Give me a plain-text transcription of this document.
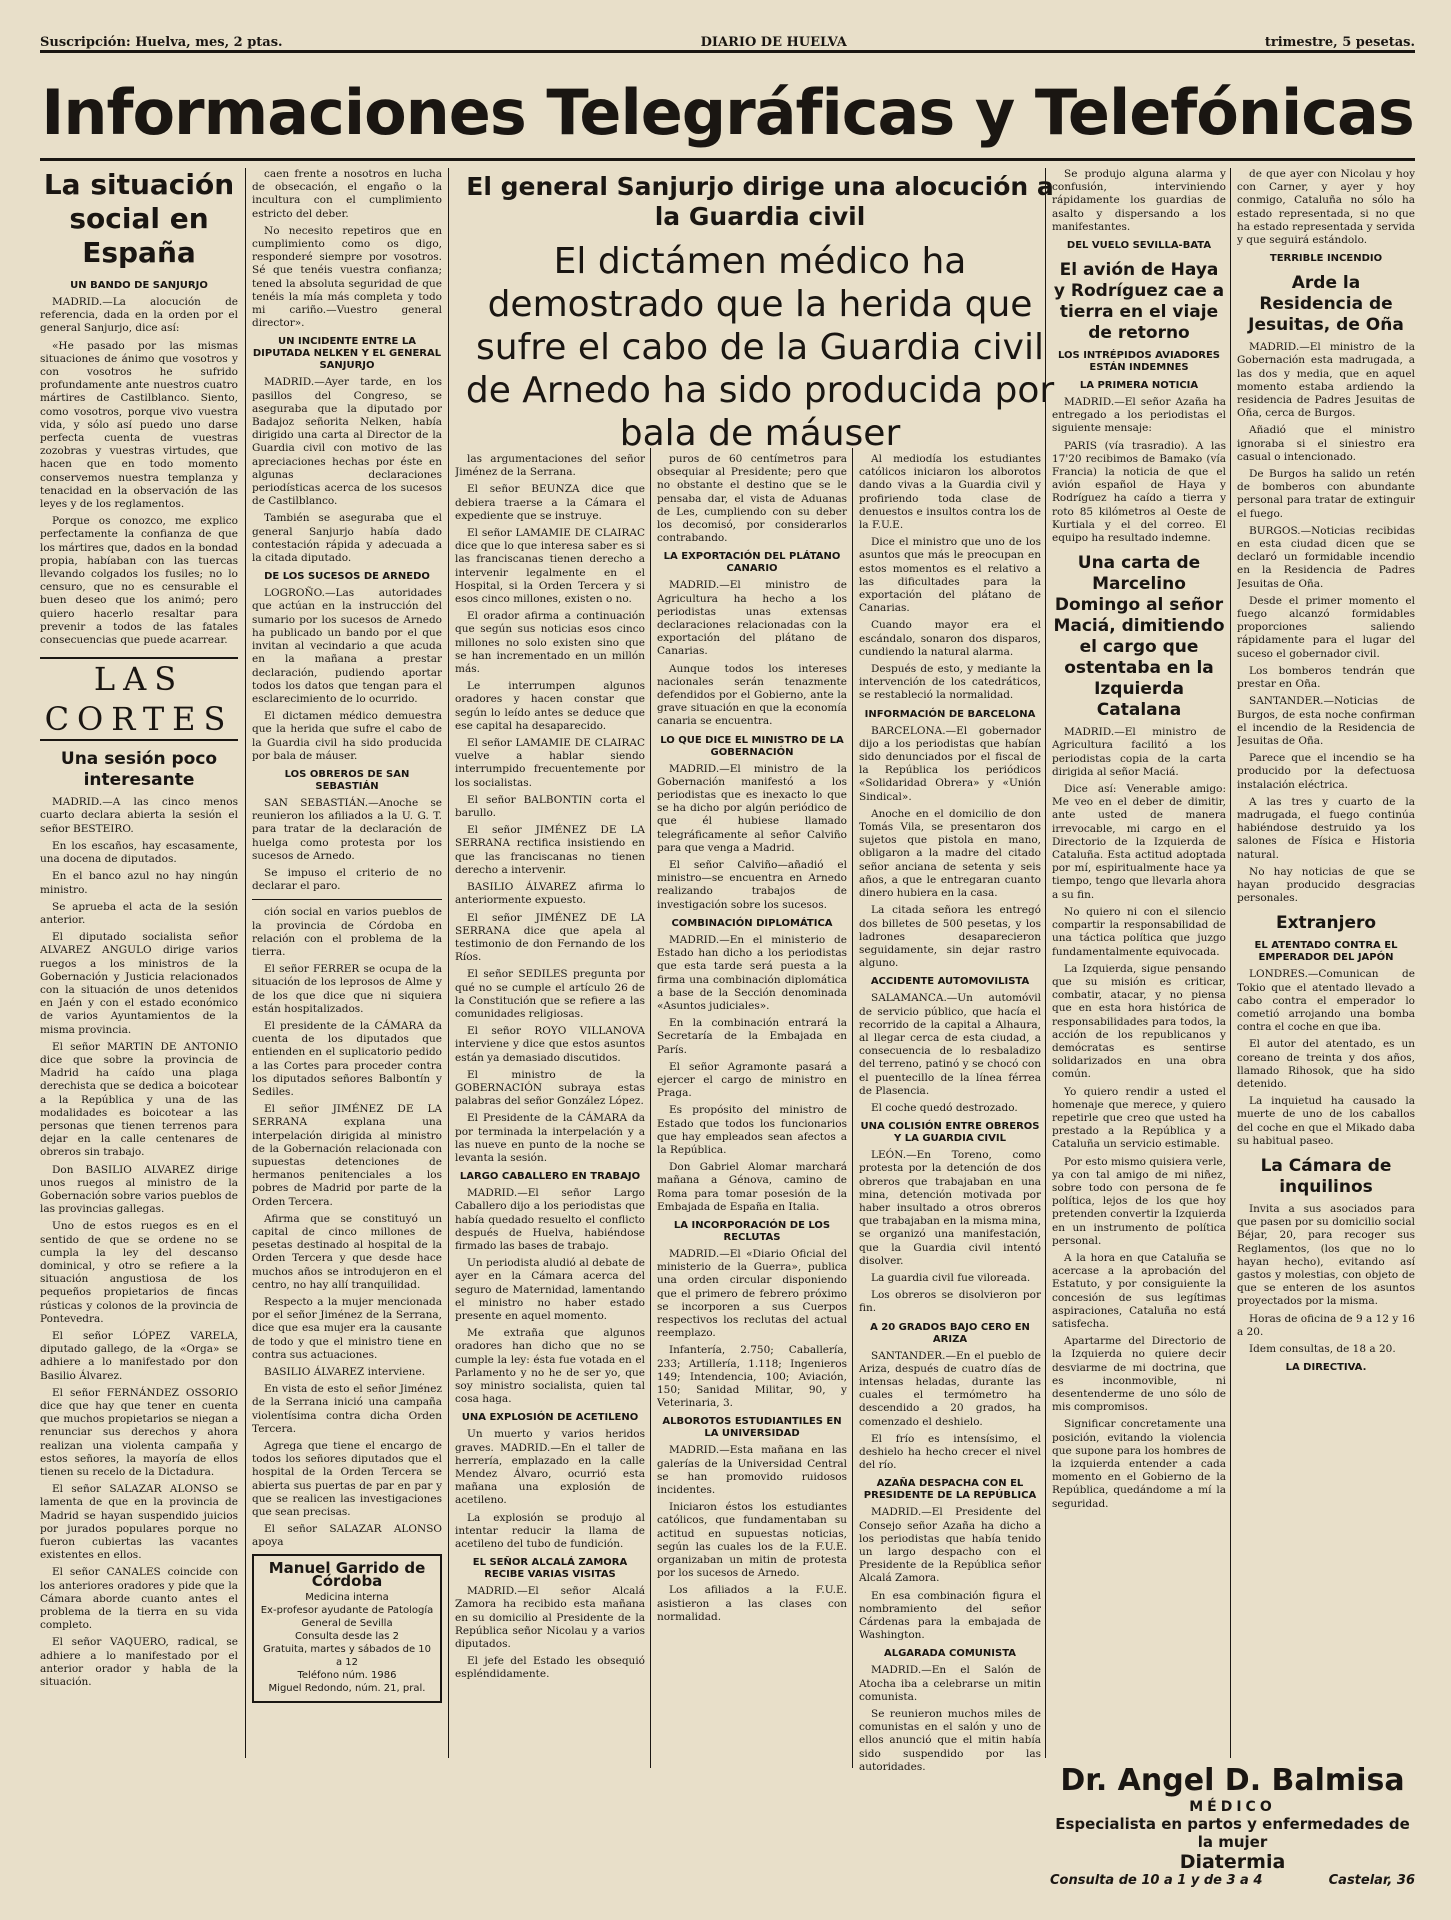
Suscripción: Huelva, mes, 2 ptas.	DIARIO DE HUELVA	trimestre, 5 pesetas.
Informaciones Telegráficas y Telefónicas
La situación social en España
UN BANDO DE SANJURJO

MADRID.—La alocución de referencia, dada en la orden por el general Sanjurjo, dice así:

«He pasado por las mismas situaciones de ánimo que vosotros y con vosotros he sufrido profundamente ante nuestros cuatro mártires de Castilblanco. Siento, como vosotros, porque vivo vuestra vida, y sólo así puedo uno darse perfecta cuenta de vuestras zozobras y vuestras virtudes, que hacen que en todo momento conservemos nuestra templanza y tenacidad en la observación de las leyes y de los reglamentos.

Porque os conozco, me explico perfectamente la confianza de que los mártires que, dados en la bondad propia, habíaban con las tuercas llevando colgados los fusiles; no lo censuro, que no es censurable el buen deseo que los animó; pero quiero hacerlo resaltar para prevenir a todos de las fatales consecuencias que puede acarrear.

LAS CORTES
Una sesión poco interesante

MADRID.—A las cinco menos cuarto declara abierta la sesión el señor BESTEIRO.

En los escaños, hay escasamente, una docena de diputados.

En el banco azul no hay ningún ministro.

Se aprueba el acta de la sesión anterior.

El diputado socialista señor ALVAREZ ANGULO dirige varios ruegos a los ministros de la Gobernación y Justicia relacionados con la situación de unos detenidos en Jaén y con el estado económico de varios Ayuntamientos de la misma provincia.

El señor MARTIN DE ANTONIO dice que sobre la provincia de Madrid ha caído una plaga derechista que se dedica a boicotear a la República y una de las modalidades es boicotear a las personas que tienen terrenos para dejar en la calle centenares de obreros sin trabajo.

Don BASILIO ALVAREZ dirige unos ruegos al ministro de la Gobernación sobre varios pueblos de las provincias gallegas.

Uno de estos ruegos es en el sentido de que se ordene no se cumpla la ley del descanso dominical, y otro se refiere a la situación angustiosa de los pequeños propietarios de fincas rústicas y colonos de la provincia de Pontevedra.

El señor LÓPEZ VARELA, diputado gallego, de la «Orga» se adhiere a lo manifestado por don Basilio Álvarez.

El señor FERNÁNDEZ OSSORIO dice que hay que tener en cuenta que muchos propietarios se niegan a renunciar sus derechos y ahora realizan una violenta campaña y estos señores, la mayoría de ellos tienen su recelo de la Dictadura.

El señor SALAZAR ALONSO se lamenta de que en la provincia de Madrid se hayan suspendido juicios por jurados populares porque no fueron cubiertas las vacantes existentes en ellos.

El señor CANALES coincide con los anteriores oradores y pide que la Cámara aborde cuanto antes el problema de la tierra en su vida completo.

El señor VAQUERO, radical, se adhiere a lo manifestado por el anterior orador y habla de la situación.

caen frente a nosotros en lucha de obsecación, el engaño o la incultura con el cumplimiento estricto del deber.

No necesito repetiros que en cumplimiento como os digo, responderé siempre por vosotros. Sé que tenéis vuestra confianza; tened la absoluta seguridad de que tenéis la mía más completa y todo mi cariño.—Vuestro general director».

UN INCIDENTE ENTRE LA DIPUTADA NELKEN Y EL GENERAL SANJURJO

MADRID.—Ayer tarde, en los pasillos del Congreso, se aseguraba que la diputado por Badajoz señorita Nelken, había dirigido una carta al Director de la Guardia civil con motivo de las apreciaciones hechas por éste en algunas declaraciones periodísticas acerca de los sucesos de Castilblanco.

También se aseguraba que el general Sanjurjo había dado contestación rápida y adecuada a la citada diputado.

DE LOS SUCESOS DE ARNEDO

LOGROÑO.—Las autoridades que actúan en la instrucción del sumario por los sucesos de Arnedo ha publicado un bando por el que invitan al vecindario a que acuda en la mañana a prestar declaración, pudiendo aportar todos los datos que tengan para el esclarecimiento de lo ocurrido.

El dictamen médico demuestra que la herida que sufre el cabo de la Guardia civil ha sido producida por bala de máuser.

LOS OBREROS DE SAN SEBASTIÁN

SAN SEBASTIÁN.—Anoche se reunieron los afiliados a la U. G. T. para tratar de la declaración de huelga como protesta por los sucesos de Arnedo.

Se impuso el criterio de no declarar el paro.

ción social en varios pueblos de la provincia de Córdoba en relación con el problema de la tierra.

El señor FERRER se ocupa de la situación de los leprosos de Alme y de los que dice que ni siquiera están hospitalizados.

El presidente de la CÁMARA da cuenta de los diputados que entienden en el suplicatorio pedido a las Cortes para proceder contra los diputados señores Balbontín y Sediles.

El señor JIMÉNEZ DE LA SERRANA explana una interpelación dirigida al ministro de la Gobernación relacionada con supuestas detenciones de hermanos penitenciales a los pobres de Madrid por parte de la Orden Tercera.

Afirma que se constituyó un capital de cinco millones de pesetas destinado al hospital de la Orden Tercera y que desde hace muchos años se introdujeron en el centro, no hay allí tranquilidad.

Respecto a la mujer mencionada por el señor Jiménez de la Serrana, dice que esa mujer era la causante de todo y que el ministro tiene en contra sus actuaciones.

BASILIO ÁLVAREZ interviene.

En vista de esto el señor Jiménez de la Serrana inició una campaña violentísima contra dicha Orden Tercera.

Agrega que tiene el encargo de todos los señores diputados que el hospital de la Orden Tercera se abierta sus puertas de par en par y que se realicen las investigaciones que sean precisas.

El señor SALAZAR ALONSO apoya

Manuel Garrido de Córdoba
Medicina interna
Ex-profesor ayudante de Patología General de Sevilla
Consulta desde las 2
Gratuita, martes y sábados de 10 a 12
Teléfono núm. 1986
Miguel Redondo, núm. 21, pral.
El general Sanjurjo dirige una alocución a la Guardia civil
El dictámen médico ha demostrado que la herida que sufre el cabo de la Guardia civil de Arnedo ha sido producida por bala de máuser

las argumentaciones del señor Jiménez de la Serrana.

El señor BEUNZA dice que debiera traerse a la Cámara el expediente que se instruye.

El señor LAMAMIE DE CLAIRAC dice que lo que interesa saber es si las franciscanas tienen derecho a intervenir legalmente en el Hospital, si la Orden Tercera y si esos cinco millones, existen o no.

El orador afirma a continuación que según sus noticias esos cinco millones no solo existen sino que se han incrementado en un millón más.

Le interrumpen algunos oradores y hacen constar que según lo leído antes se deduce que ese capital ha desaparecido.

El señor LAMAMIE DE CLAIRAC vuelve a hablar siendo interrumpido frecuentemente por los socialistas.

El señor BALBONTIN corta el barullo.

El señor JIMÉNEZ DE LA SERRANA rectifica insistiendo en que las franciscanas no tienen derecho a intervenir.

BASILIO ÁLVAREZ afirma lo anteriormente expuesto.

El señor JIMÉNEZ DE LA SERRANA dice que apela al testimonio de don Fernando de los Ríos.

El señor SEDILES pregunta por qué no se cumple el artículo 26 de la Constitución que se refiere a las comunidades religiosas.

El señor ROYO VILLANOVA interviene y dice que estos asuntos están ya demasiado discutidos.

El ministro de la GOBERNACIÓN subraya estas palabras del señor González López.

El Presidente de la CÁMARA da por terminada la interpelación y a las nueve en punto de la noche se levanta la sesión.

LARGO CABALLERO EN TRABAJO

MADRID.—El señor Largo Caballero dijo a los periodistas que había quedado resuelto el conflicto después de Huelva, habiéndose firmado las bases de trabajo.

Un periodista aludió al debate de ayer en la Cámara acerca del seguro de Maternidad, lamentando el ministro no haber estado presente en aquel momento.

Me extraña que algunos oradores han dicho que no se cumple la ley: ésta fue votada en el Parlamento y no he de ser yo, que soy ministro socialista, quien tal cosa haga.

UNA EXPLOSIÓN DE ACETILENO

Un muerto y varios heridos graves. MADRID.—En el taller de herrería, emplazado en la calle Mendez Álvaro, ocurrió esta mañana una explosión de acetileno.

La explosión se produjo al intentar reducir la llama de acetileno del tubo de fundición.

EL SEÑOR ALCALÁ ZAMORA RECIBE VARIAS VISITAS

MADRID.—El señor Alcalá Zamora ha recibido esta mañana en su domicilio al Presidente de la República señor Nicolau y a varios diputados.

El jefe del Estado les obsequió espléndidamente.

puros de 60 centímetros para obsequiar al Presidente; pero que no obstante el destino que se le pensaba dar, el vista de Aduanas de Les, cumpliendo con su deber los decomisó, por considerarlos contrabando.

LA EXPORTACIÓN DEL PLÁTANO CANARIO

MADRID.—El ministro de Agricultura ha hecho a los periodistas unas extensas declaraciones relacionadas con la exportación del plátano de Canarias.

Aunque todos los intereses nacionales serán tenazmente defendidos por el Gobierno, ante la grave situación en que la economía canaria se encuentra.

LO QUE DICE EL MINISTRO DE LA GOBERNACIÓN

MADRID.—El ministro de la Gobernación manifestó a los periodistas que es inexacto lo que se ha dicho por algún periódico de que él hubiese llamado telegráficamente al señor Calviño para que venga a Madrid.

El señor Calviño—añadió el ministro—se encuentra en Arnedo realizando trabajos de investigación sobre los sucesos.

COMBINACIÓN DIPLOMÁTICA

MADRID.—En el ministerio de Estado han dicho a los periodistas que esta tarde será puesta a la firma una combinación diplomática a base de la Sección denominada «Asuntos judiciales».

En la combinación entrará la Secretaría de la Embajada en París.

El señor Agramonte pasará a ejercer el cargo de ministro en Praga.

Es propósito del ministro de Estado que todos los funcionarios que hay empleados sean afectos a la República.

Don Gabriel Alomar marchará mañana a Génova, camino de Roma para tomar posesión de la Embajada de España en Italia.

LA INCORPORACIÓN DE LOS RECLUTAS

MADRID.—El «Diario Oficial del ministerio de la Guerra», publica una orden circular disponiendo que el primero de febrero próximo se incorporen a sus Cuerpos respectivos los reclutas del actual reemplazo.

Infantería, 2.750; Caballería, 233; Artillería, 1.118; Ingenieros 149; Intendencia, 100; Aviación, 150; Sanidad Militar, 90, y Veterinaria, 3.

ALBOROTOS ESTUDIANTILES EN LA UNIVERSIDAD

MADRID.—Esta mañana en las galerías de la Universidad Central se han promovido ruidosos incidentes.

Iniciaron éstos los estudiantes católicos, que fundamentaban su actitud en supuestas noticias, según las cuales los de la F.U.E. organizaban un mitin de protesta por los sucesos de Arnedo.

Los afiliados a la F.U.E. asistieron a las clases con normalidad.

Al mediodía los estudiantes católicos iniciaron los alborotos dando vivas a la Guardia civil y profiriendo toda clase de denuestos e insultos contra los de la F.U.E.

Dice el ministro que uno de los asuntos que más le preocupan en estos momentos es el relativo a las dificultades para la exportación del plátano de Canarias.

Cuando mayor era el escándalo, sonaron dos disparos, cundiendo la natural alarma.

Después de esto, y mediante la intervención de los catedráticos, se restableció la normalidad.

INFORMACIÓN DE BARCELONA

BARCELONA.—El gobernador dijo a los periodistas que habían sido denunciados por el fiscal de la República los periódicos «Solidaridad Obrera» y «Unión Sindical».

Anoche en el domicilio de don Tomás Vila, se presentaron dos sujetos que pistola en mano, obligaron a la madre del citado señor anciana de setenta y seis años, a que le entregaran cuanto dinero hubiera en la casa.

La citada señora les entregó dos billetes de 500 pesetas, y los ladrones desaparecieron seguidamente, sin dejar rastro alguno.

ACCIDENTE AUTOMOVILISTA

SALAMANCA.—Un automóvil de servicio público, que hacía el recorrido de la capital a Alhaura, al llegar cerca de esta ciudad, a consecuencia de lo resbaladizo del terreno, patinó y se chocó con el puentecillo de la línea férrea de Plasencia.

El coche quedó destrozado.

UNA COLISIÓN ENTRE OBREROS Y LA GUARDIA CIVIL

LEÓN.—En Toreno, como protesta por la detención de dos obreros que trabajaban en una mina, detención motivada por haber insultado a otros obreros que trabajaban en la misma mina, se organizó una manifestación, que la Guardia civil intentó disolver.

La guardia civil fue viloreada.

Los obreros se disolvieron por fin.

A 20 GRADOS BAJO CERO EN ARIZA

SANTANDER.—En el pueblo de Ariza, después de cuatro días de intensas heladas, durante las cuales el termómetro ha descendido a 20 grados, ha comenzado el deshielo.

El frío es intensísimo, el deshielo ha hecho crecer el nivel del río.

AZAÑA DESPACHA CON EL PRESIDENTE DE LA REPÚBLICA

MADRID.—El Presidente del Consejo señor Azaña ha dicho a los periodistas que había tenido un largo despacho con el Presidente de la República señor Alcalá Zamora.

En esa combinación figura el nombramiento del señor Cárdenas para la embajada de Washington.

ALGARADA COMUNISTA

MADRID.—En el Salón de Atocha iba a celebrarse un mitin comunista.

Se reunieron muchos miles de comunistas en el salón y uno de ellos anunció que el mitin había sido suspendido por las autoridades.

Se produjo alguna alarma y confusión, interviniendo rápidamente los guardias de asalto y dispersando a los manifestantes.

DEL VUELO SEVILLA-BATA
El avión de Haya y Rodríguez cae a tierra en el viaje de retorno
LOS INTRÉPIDOS AVIADORES ESTÁN INDEMNES
LA PRIMERA NOTICIA

MADRID.—El señor Azaña ha entregado a los periodistas el siguiente mensaje:

PARIS (vía trasradio). A las 17'20 recibimos de Bamako (vía Francia) la noticia de que el avión español de Haya y Rodríguez ha caído a tierra y roto 85 kilómetros al Oeste de Kurtiala y el del correo. El equipo ha resultado indemne.

Una carta de Marcelino Domingo al señor Maciá, dimitiendo el cargo que ostentaba en la Izquierda Catalana

MADRID.—El ministro de Agricultura facilitó a los periodistas copia de la carta dirigida al señor Maciá.

Dice así: Venerable amigo: Me veo en el deber de dimitir, ante usted de manera irrevocable, mi cargo en el Directorio de la Izquierda de Cataluña. Esta actitud adoptada por mí, espiritualmente hace ya tiempo, tengo que llevarla ahora a su fin.

No quiero ni con el silencio compartir la responsabilidad de una táctica política que juzgo fundamentalmente equivocada.

La Izquierda, sigue pensando que su misión es criticar, combatir, atacar, y no piensa que en esta hora histórica de responsabilidades para todos, la acción de los republicanos y demócratas es sentirse solidarizados en una obra común.

Yo quiero rendir a usted el homenaje que merece, y quiero repetirle que creo que usted ha prestado a la República y a Cataluña un servicio estimable.

Por esto mismo quisiera verle, ya con tal amigo de mi niñez, sobre todo con persona de fe política, lejos de los que hoy pretenden convertir la Izquierda en un instrumento de política personal.

A la hora en que Cataluña se acercase a la aprobación del Estatuto, y por consiguiente la concesión de sus legítimas aspiraciones, Cataluña no está satisfecha.

Apartarme del Directorio de la Izquierda no quiere decir desviarme de mi doctrina, que es inconmovible, ni desentenderme de uno sólo de mis compromisos.

Significar concretamente una posición, evitando la violencia que supone para los hombres de la izquierda entender a cada momento en el Gobierno de la República, quedándome a mí la seguridad.

de que ayer con Nicolau y hoy con Carner, y ayer y hoy conmigo, Cataluña no sólo ha estado representada, si no que ha estado representada y servida y que seguirá estándolo.

TERRIBLE INCENDIO
Arde la Residencia de Jesuitas, de Oña

MADRID.—El ministro de la Gobernación esta madrugada, a las dos y media, que en aquel momento estaba ardiendo la residencia de Padres Jesuitas de Oña, cerca de Burgos.

Añadió que el ministro ignoraba si el siniestro era casual o intencionado.

De Burgos ha salido un retén de bomberos con abundante personal para tratar de extinguir el fuego.

BURGOS.—Noticias recibidas en esta ciudad dicen que se declaró un formidable incendio en la Residencia de Padres Jesuitas de Oña.

Desde el primer momento el fuego alcanzó formidables proporciones saliendo rápidamente para el lugar del suceso el gobernador civil.

Los bomberos tendrán que prestar en Oña.

SANTANDER.—Noticias de Burgos, de esta noche confirman el incendio de la Residencia de Jesuitas de Oña.

Parece que el incendio se ha producido por la defectuosa instalación eléctrica.

A las tres y cuarto de la madrugada, el fuego continúa habiéndose destruido ya los salones de Física e Historia natural.

No hay noticias de que se hayan producido desgracias personales.

Extranjero
EL ATENTADO CONTRA EL EMPERADOR DEL JAPÓN

LONDRES.—Comunican de Tokio que el atentado llevado a cabo contra el emperador lo cometió arrojando una bomba contra el coche en que iba.

El autor del atentado, es un coreano de treinta y dos años, llamado Rihosok, que ha sido detenido.

La inquietud ha causado la muerte de uno de los caballos del coche en que el Mikado daba su habitual paseo.

La Cámara de inquilinos

Invita a sus asociados para que pasen por su domicilio social Béjar, 20, para recoger sus Reglamentos, (los que no lo hayan hecho), evitando así gastos y molestias, con objeto de que se enteren de los asuntos proyectados por la misma.

Horas de oficina de 9 a 12 y 16 a 20.

Idem consultas, de 18 a 20.

LA DIRECTIVA.
Dr. Angel D. Balmisa
MÉDICO
Especialista en partos y enfermedades de la mujer
Diatermia
Consulta de 10 a 1 y de 3 a 4	Castelar, 36
